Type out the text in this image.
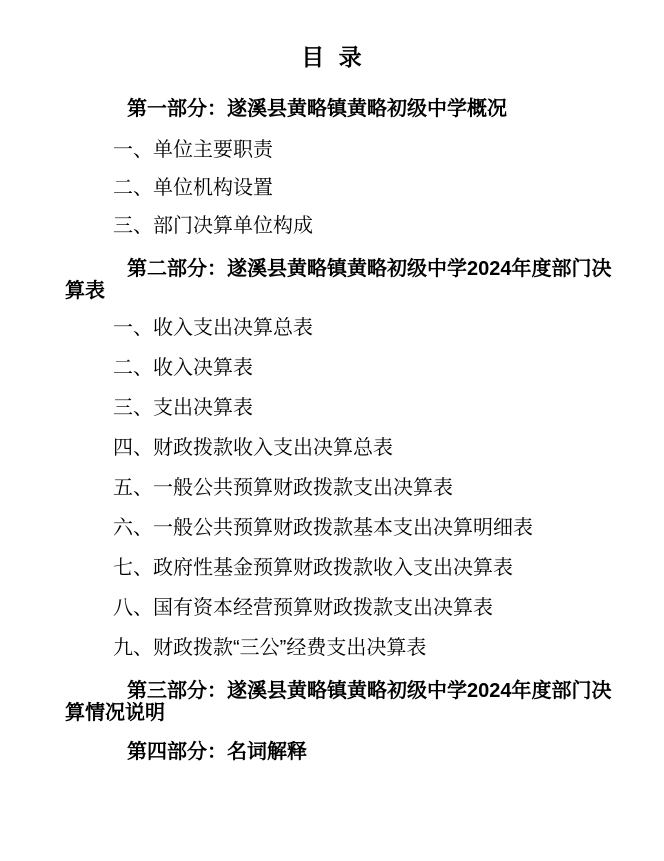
目 录

第一部分：遂溪县黄略镇黄略初级中学概况

一、单位主要职责

二、单位机构设置

三、部门决算单位构成

第二部分：遂溪县黄略镇黄略初级中学2024年度部门决算表

一、收入支出决算总表

二、收入决算表

三、支出决算表

四、财政拨款收入支出决算总表

五、一般公共预算财政拨款支出决算表

六、一般公共预算财政拨款基本支出决算明细表

七、政府性基金预算财政拨款收入支出决算表

八、国有资本经营预算财政拨款支出决算表

九、财政拨款“三公”经费支出决算表

第三部分：遂溪县黄略镇黄略初级中学2024年度部门决算情况说明

第四部分：名词解释
